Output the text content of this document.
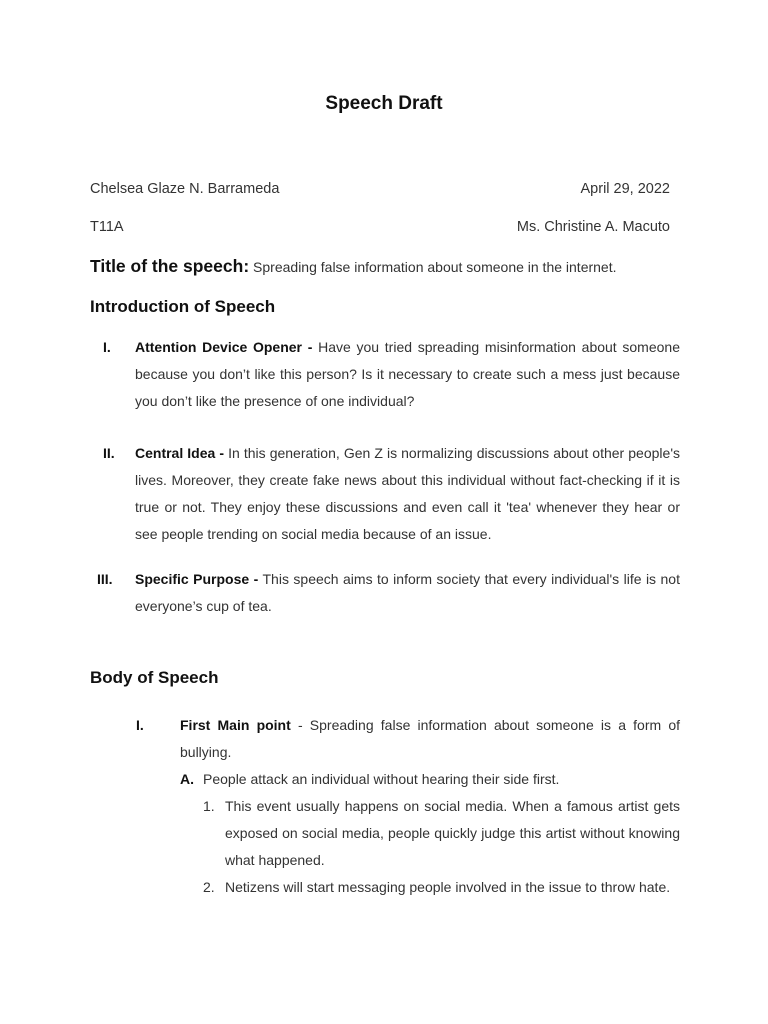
Speech Draft
Chelsea Glaze N. Barrameda	April 29, 2022
T11A	Ms. Christine A. Macuto
Title of the speech: Spreading false information about someone in the internet.
Introduction of Speech
I. Attention Device Opener - Have you tried spreading misinformation about someone because you don’t like this person? Is it necessary to create such a mess just because you don’t like the presence of one individual?
II. Central Idea - In this generation, Gen Z is normalizing discussions about other people's lives. Moreover, they create fake news about this individual without fact-checking if it is true or not. They enjoy these discussions and even call it 'tea' whenever they hear or see people trending on social media because of an issue.
III. Specific Purpose - This speech aims to inform society that every individual's life is not everyone’s cup of tea.
Body of Speech
I.	First Main point - Spreading false information about someone is a form of bullying.
A. People attack an individual without hearing their side first.
1. This event usually happens on social media. When a famous artist gets exposed on social media, people quickly judge this artist without knowing what happened.
2. Netizens will start messaging people involved in the issue to throw hate.
